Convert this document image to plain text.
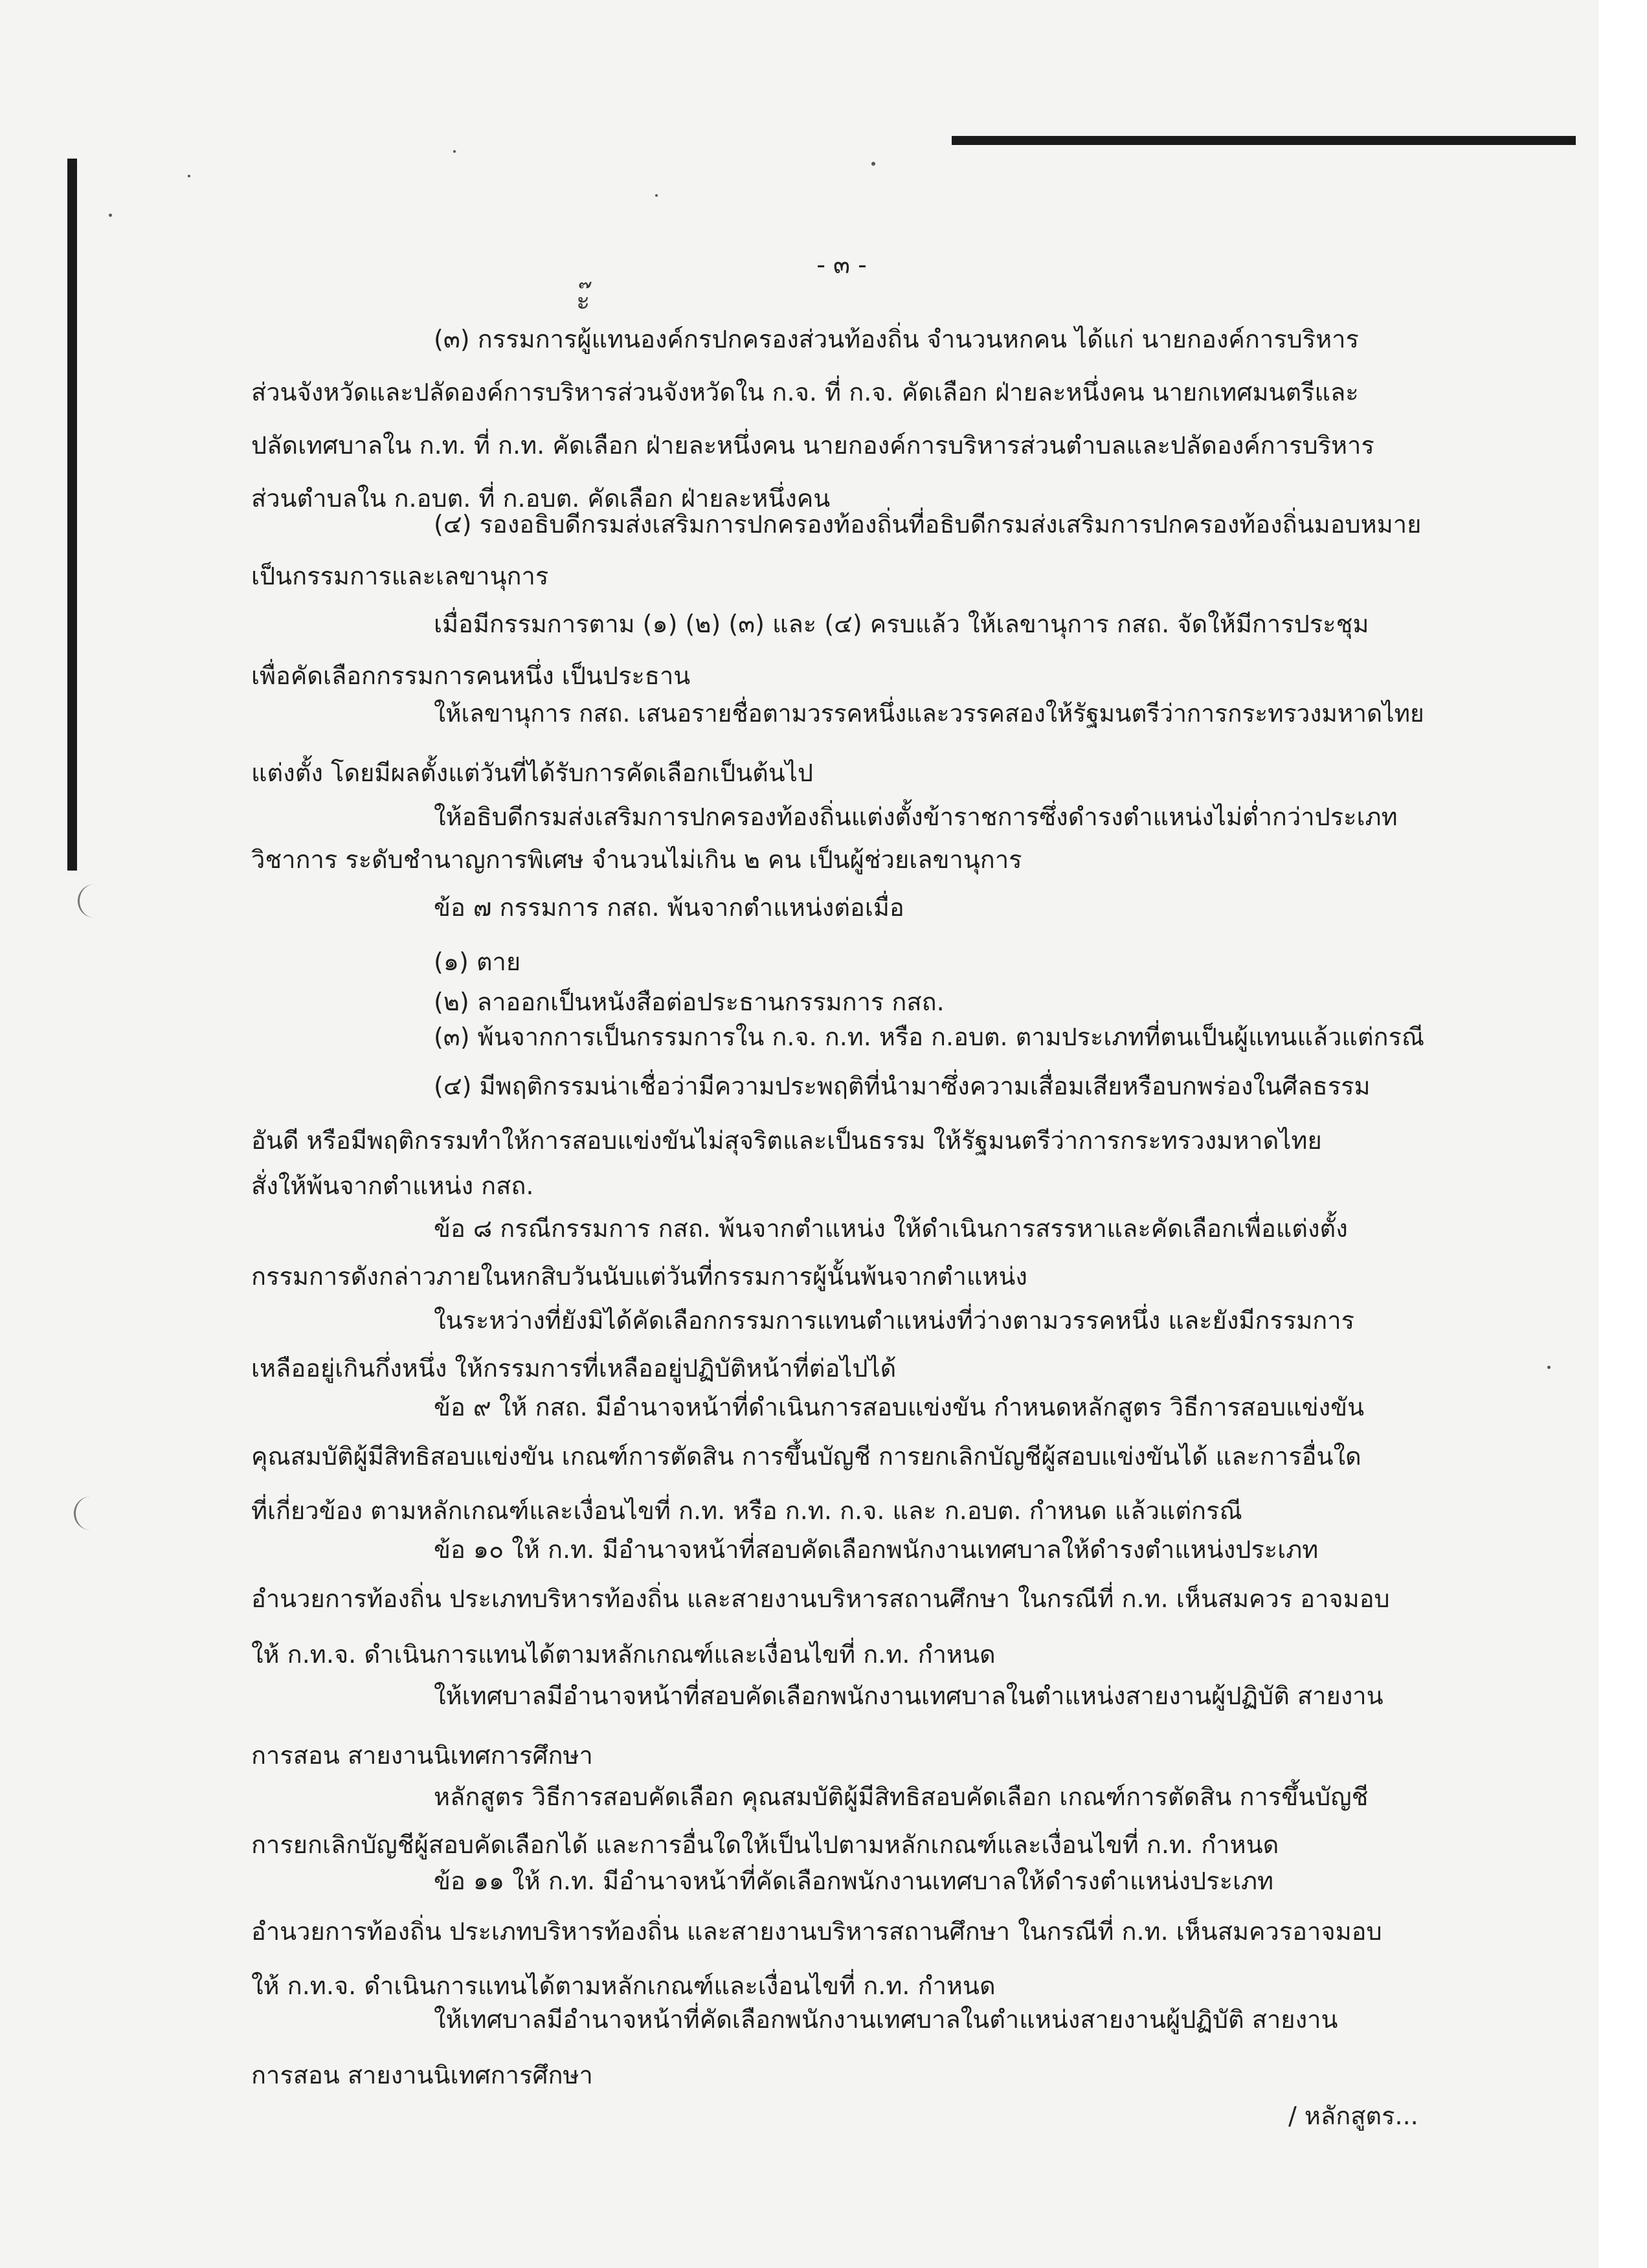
- ๓ -
ะ๊
(๓) กรรมการผู้แทนองค์กรปกครองส่วนท้องถิ่น จำนวนหกคน ได้แก่ นายกองค์การบริหาร
ส่วนจังหวัดและปลัดองค์การบริหารส่วนจังหวัดใน ก.จ. ที่ ก.จ. คัดเลือก ฝ่ายละหนึ่งคน นายกเทศมนตรีและ
ปลัดเทศบาลใน ก.ท. ที่ ก.ท. คัดเลือก ฝ่ายละหนึ่งคน นายกองค์การบริหารส่วนตำบลและปลัดองค์การบริหาร
ส่วนตำบลใน ก.อบต. ที่ ก.อบต. คัดเลือก ฝ่ายละหนึ่งคน
(๔) รองอธิบดีกรมส่งเสริมการปกครองท้องถิ่นที่อธิบดีกรมส่งเสริมการปกครองท้องถิ่นมอบหมาย
เป็นกรรมการและเลขานุการ
เมื่อมีกรรมการตาม (๑) (๒) (๓) และ (๔) ครบแล้ว ให้เลขานุการ กสถ. จัดให้มีการประชุม
เพื่อคัดเลือกกรรมการคนหนึ่ง เป็นประธาน
ให้เลขานุการ กสถ. เสนอรายชื่อตามวรรคหนึ่งและวรรคสองให้รัฐมนตรีว่าการกระทรวงมหาดไทย
แต่งตั้ง โดยมีผลตั้งแต่วันที่ได้รับการคัดเลือกเป็นต้นไป
ให้อธิบดีกรมส่งเสริมการปกครองท้องถิ่นแต่งตั้งข้าราชการซึ่งดำรงตำแหน่งไม่ต่ำกว่าประเภท
วิชาการ ระดับชำนาญการพิเศษ จำนวนไม่เกิน ๒ คน เป็นผู้ช่วยเลขานุการ
ข้อ ๗ กรรมการ กสถ. พ้นจากตำแหน่งต่อเมื่อ
(๑) ตาย
(๒) ลาออกเป็นหนังสือต่อประธานกรรมการ กสถ.
(๓) พ้นจากการเป็นกรรมการใน ก.จ. ก.ท. หรือ ก.อบต. ตามประเภทที่ตนเป็นผู้แทนแล้วแต่กรณี
(๔) มีพฤติกรรมน่าเชื่อว่ามีความประพฤติที่นำมาซึ่งความเสื่อมเสียหรือบกพร่องในศีลธรรม
อันดี หรือมีพฤติกรรมทำให้การสอบแข่งขันไม่สุจริตและเป็นธรรม ให้รัฐมนตรีว่าการกระทรวงมหาดไทย
สั่งให้พ้นจากตำแหน่ง กสถ.
ข้อ ๘ กรณีกรรมการ กสถ. พ้นจากตำแหน่ง ให้ดำเนินการสรรหาและคัดเลือกเพื่อแต่งตั้ง
กรรมการดังกล่าวภายในหกสิบวันนับแต่วันที่กรรมการผู้นั้นพ้นจากตำแหน่ง
ในระหว่างที่ยังมิได้คัดเลือกกรรมการแทนตำแหน่งที่ว่างตามวรรคหนึ่ง และยังมีกรรมการ
เหลืออยู่เกินกึ่งหนึ่ง ให้กรรมการที่เหลืออยู่ปฏิบัติหน้าที่ต่อไปได้
ข้อ ๙ ให้ กสถ. มีอำนาจหน้าที่ดำเนินการสอบแข่งขัน กำหนดหลักสูตร วิธีการสอบแข่งขัน
คุณสมบัติผู้มีสิทธิสอบแข่งขัน เกณฑ์การตัดสิน การขึ้นบัญชี การยกเลิกบัญชีผู้สอบแข่งขันได้ และการอื่นใด
ที่เกี่ยวข้อง ตามหลักเกณฑ์และเงื่อนไขที่ ก.ท. หรือ ก.ท. ก.จ. และ ก.อบต. กำหนด แล้วแต่กรณี
ข้อ ๑๐ ให้ ก.ท. มีอำนาจหน้าที่สอบคัดเลือกพนักงานเทศบาลให้ดำรงตำแหน่งประเภท
อำนวยการท้องถิ่น ประเภทบริหารท้องถิ่น และสายงานบริหารสถานศึกษา ในกรณีที่ ก.ท. เห็นสมควร อาจมอบ
ให้ ก.ท.จ. ดำเนินการแทนได้ตามหลักเกณฑ์และเงื่อนไขที่ ก.ท. กำหนด
ให้เทศบาลมีอำนาจหน้าที่สอบคัดเลือกพนักงานเทศบาลในตำแหน่งสายงานผู้ปฏิบัติ สายงาน
การสอน สายงานนิเทศการศึกษา
หลักสูตร วิธีการสอบคัดเลือก คุณสมบัติผู้มีสิทธิสอบคัดเลือก เกณฑ์การตัดสิน การขึ้นบัญชี
การยกเลิกบัญชีผู้สอบคัดเลือกได้ และการอื่นใดให้เป็นไปตามหลักเกณฑ์และเงื่อนไขที่ ก.ท. กำหนด
ข้อ ๑๑ ให้ ก.ท. มีอำนาจหน้าที่คัดเลือกพนักงานเทศบาลให้ดำรงตำแหน่งประเภท
อำนวยการท้องถิ่น ประเภทบริหารท้องถิ่น และสายงานบริหารสถานศึกษา ในกรณีที่ ก.ท. เห็นสมควรอาจมอบ
ให้ ก.ท.จ. ดำเนินการแทนได้ตามหลักเกณฑ์และเงื่อนไขที่ ก.ท. กำหนด
ให้เทศบาลมีอำนาจหน้าที่คัดเลือกพนักงานเทศบาลในตำแหน่งสายงานผู้ปฏิบัติ สายงาน
การสอน สายงานนิเทศการศึกษา
/ หลักสูตร...
